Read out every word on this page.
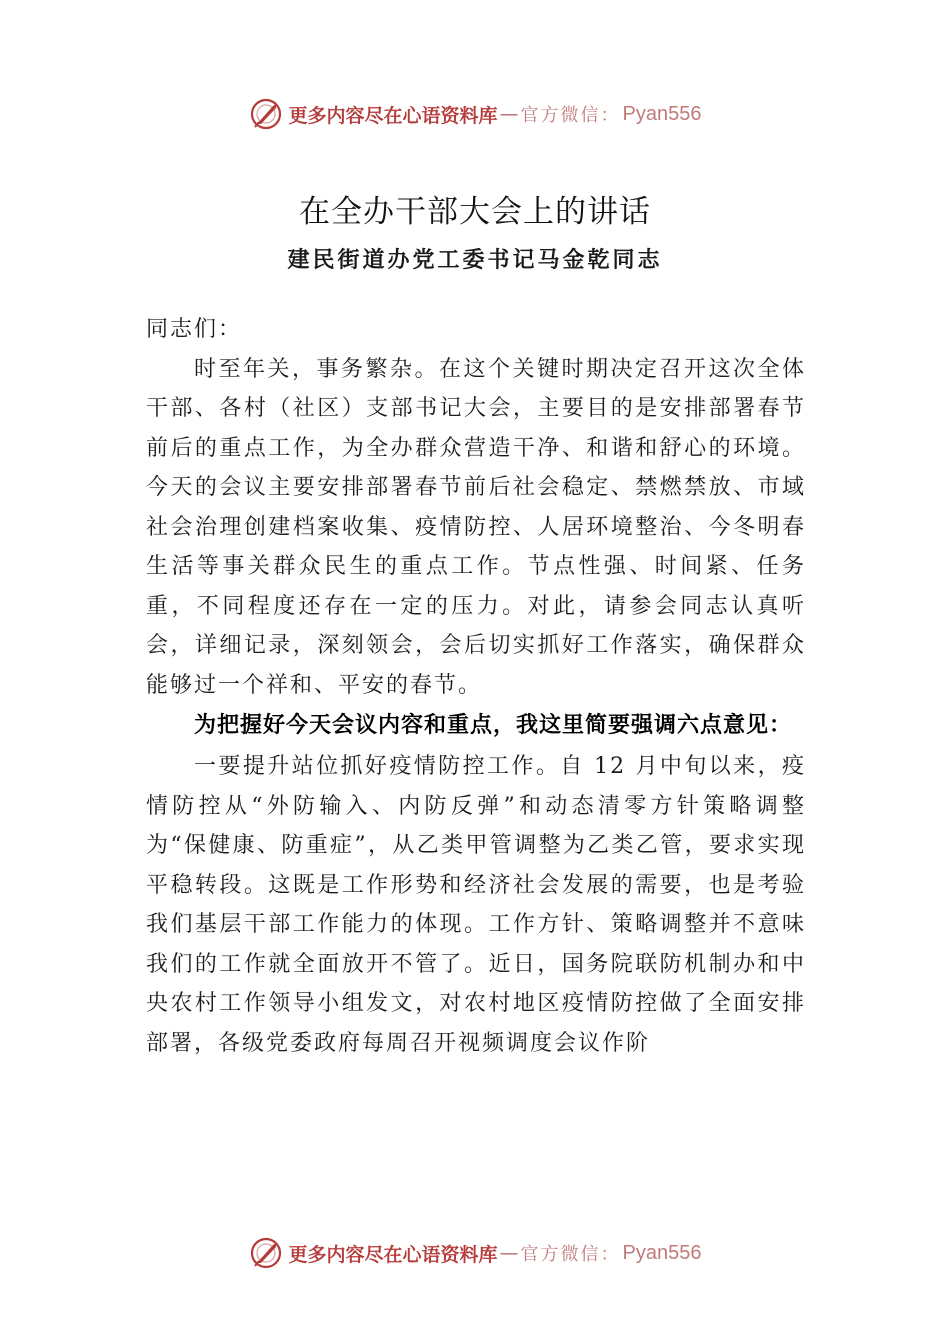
更多内容尽在心语资料库 — 官方微信： Pyan556
在全办干部大会上的讲话
建民街道办党工委书记马金乾同志

同志们：

时至年关，事务繁杂。在这个关键时期决定召开这次全体干部、各村（社区）支部书记大会，主要目的是安排部署春节前后的重点工作，为全办群众营造干净、和谐和舒心的环境。今天的会议主要安排部署春节前后社会稳定、禁燃禁放、市域社会治理创建档案收集、疫情防控、人居环境整治、今冬明春生活等事关群众民生的重点工作。节点性强、时间紧、任务重，不同程度还存在一定的压力。对此，请参会同志认真听会，详细记录，深刻领会，会后切实抓好工作落实，确保群众能够过一个祥和、平安的春节。

为把握好今天会议内容和重点，我这里简要强调六点意见：

一要提升站位抓好疫情防控工作。自 12 月中旬以来，疫情防控从“外防输入、内防反弹”和动态清零方针策略调整为“保健康、防重症”，从乙类甲管调整为乙类乙管，要求实现平稳转段。这既是工作形势和经济社会发展的需要，也是考验我们基层干部工作能力的体现。工作方针、策略调整并不意味我们的工作就全面放开不管了。近日，国务院联防机制办和中央农村工作领导小组发文，对农村地区疫情防控做了全面安排部署，各级党委政府每周召开视频调度会议作阶

更多内容尽在心语资料库 — 官方微信： Pyan556
